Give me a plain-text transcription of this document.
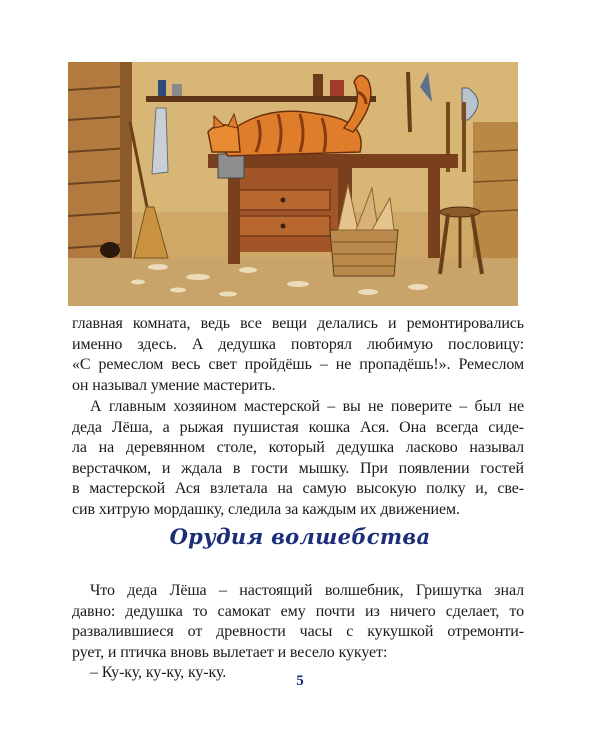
главная комната, ведь все вещи делались и ремонтировались
именно здесь. А дедушка повторял любимую пословицу:
«С ремеслом весь свет пройдёшь – не пропадёшь!». Ремеслом
он называл умение мастерить.
А главным хозяином мастерской – вы не поверите – был не
деда Лёша, а рыжая пушистая кошка Ася. Она всегда сиде-
ла на деревянном столе, который дедушка ласково называл
верстачком, и ждала в гости мышку. При появлении гостей
в мастерской Ася взлетала на самую высокую полку и, све-
сив хитрую мордашку, следила за каждым их движением.
Орудия волшебства
Что деда Лёша – настоящий волшебник, Гришутка знал
давно: дедушка то самокат ему почти из ничего сделает, то
развалившиеся от древности часы с кукушкой отремонти-
рует, и птичка вновь вылетает и весело кукует:
– Ку-ку, ку-ку, ку-ку.	5
